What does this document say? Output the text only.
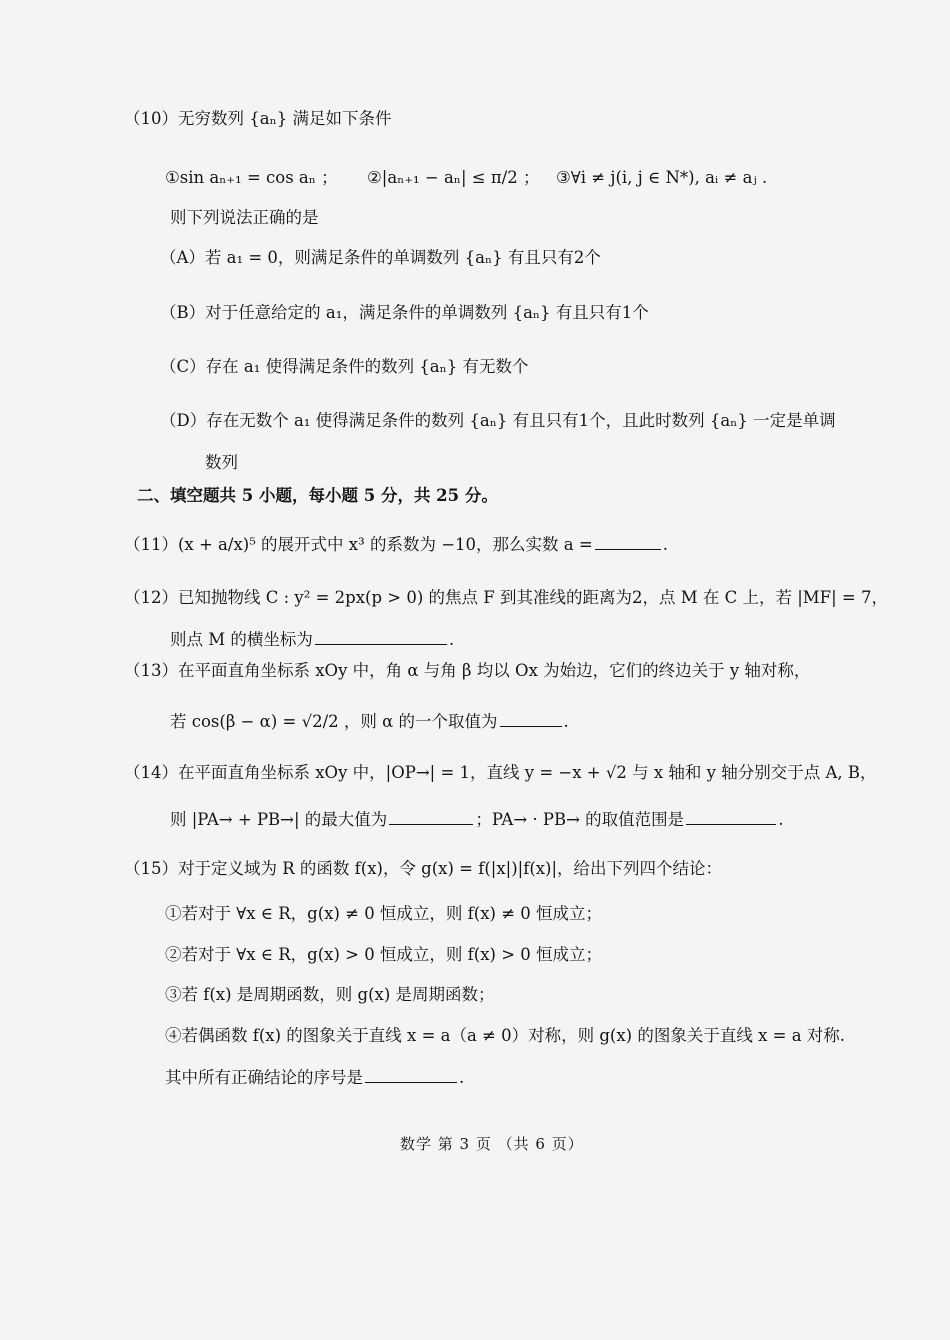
（10）无穷数列 {aₙ} 满足如下条件
①sin aₙ₊₁ = cos aₙ ； ②|aₙ₊₁ − aₙ| ≤ π/2 ； ③∀i ≠ j(i, j ∈ N*), aᵢ ≠ aⱼ .
则下列说法正确的是
（A）若 a₁ = 0，则满足条件的单调数列 {aₙ} 有且只有2个
（B）对于任意给定的 a₁，满足条件的单调数列 {aₙ} 有且只有1个
（C）存在 a₁ 使得满足条件的数列 {aₙ} 有无数个
（D）存在无数个 a₁ 使得满足条件的数列 {aₙ} 有且只有1个，且此时数列 {aₙ} 一定是单调
数列
二、填空题共 5 小题，每小题 5 分，共 25 分。
（11）(x + a/x)⁵ 的展开式中 x³ 的系数为 −10，那么实数 a =	.
（12）已知抛物线 C : y² = 2px(p > 0) 的焦点 F 到其准线的距离为2，点 M 在 C 上，若 |MF| = 7，
则点 M 的横坐标为	.
（13）在平面直角坐标系 xOy 中，角 α 与角 β 均以 Ox 为始边，它们的终边关于 y 轴对称，
若 cos(β − α) = √2/2 ，则 α 的一个取值为	.
（14）在平面直角坐标系 xOy 中，|OP→| = 1，直线 y = −x + √2 与 x 轴和 y 轴分别交于点 A, B，
则 |PA→ + PB→| 的最大值为	；PA→ · PB→ 的取值范围是	.
（15）对于定义域为 R 的函数 f(x)，令 g(x) = f(|x|)|f(x)|，给出下列四个结论：
①若对于 ∀x ∈ R，g(x) ≠ 0 恒成立，则 f(x) ≠ 0 恒成立；
②若对于 ∀x ∈ R，g(x) > 0 恒成立，则 f(x) > 0 恒成立；
③若 f(x) 是周期函数，则 g(x) 是周期函数；
④若偶函数 f(x) 的图象关于直线 x = a（a ≠ 0）对称，则 g(x) 的图象关于直线 x = a 对称.
其中所有正确结论的序号是	.
数学 第 3 页 （共 6 页）
